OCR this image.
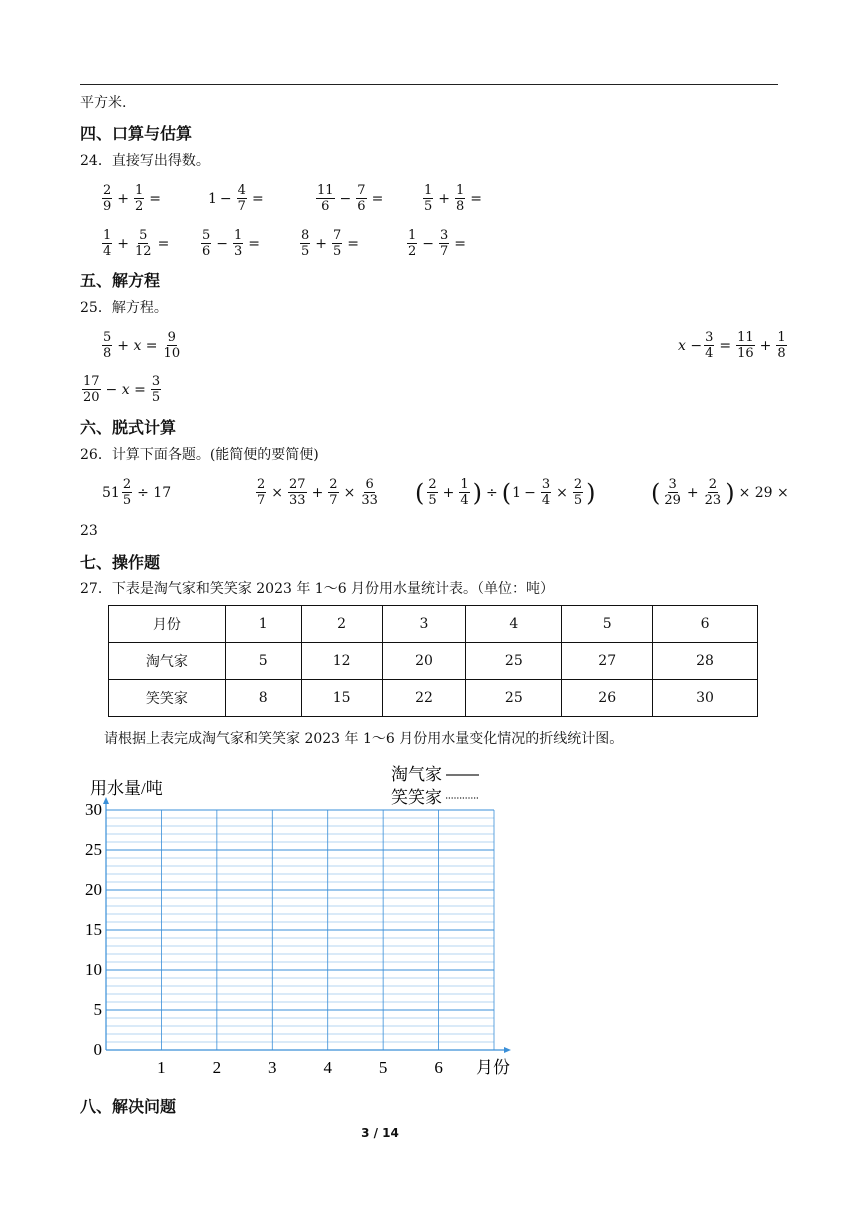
平方米.
四、口算与估算
24．直接写出得数。
$\frac{2}{9} + \frac{1}{2}$ =	$1 - \frac{4}{7}$ =	$\frac{11}{6} - \frac{7}{6}$ =	$\frac{1}{5} + \frac{1}{8}$ =
$\frac{1}{4} + \frac{5}{12} = \frac{5}{6} - \frac{1}{3}$ =	$\frac{8}{5} + \frac{7}{5}$ =	$\frac{1}{2} - \frac{3}{7}$ =
五、解方程
25．解方程。
$\frac{5}{8} + x = \frac{9}{10}$	$x - \frac{3}{4} = \frac{11}{16} + \frac{1}{8}$
$\frac{17}{20} - x = \frac{3}{5}$
六、脱式计算
26．计算下面各题。(能简便的要简便)
$51 \frac{2}{5} \div 17$	$\frac{2}{7} \times \frac{27}{33} + \frac{2}{7} \times \frac{6}{33}$ ( $\frac{2}{5} + \frac{1}{4}$ ) ÷ ( $1 - \frac{3}{4} \times \frac{2}{5}$ ) ( $\frac{3}{29} + \frac{2}{23}$ ) × 29 ×
23
七、操作题
27．下表是淘气家和笑笑家 2023 年 1～6 月份用水量统计表。（单位：吨）
月份	1	2	3	4	5	6
淘气家	5	12	20	25	27	28
笑笑家	8	15	22	25	26	30
请根据上表完成淘气家和笑笑家 2023 年 1～6 月份用水量变化情况的折线统计图。
30
25
20
15
10
5
0
1	2	3	4	5	6
用水量/吨
月份
淘气家
笑笑家
八、解决问题
3 / 14
